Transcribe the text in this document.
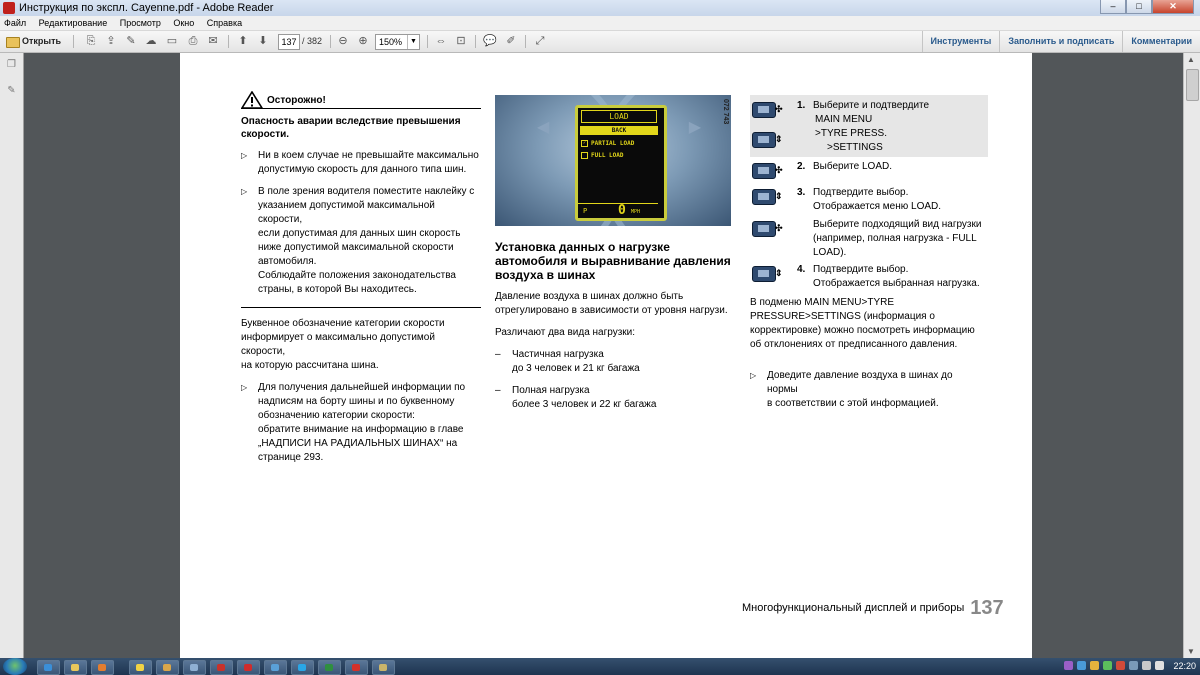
Инструкция по экспл. Cayenne.pdf - Adobe Reader	–	□	✕
Файл Редактирование Просмотр Окно Справка
Открыть ⎘ ⇪ ✎ ☁ ▭ ⎙ ✉ ⬆ ⬇	137 / 382 ⊖ ⊕	150%	▼ ⇔ ⊡ 💬 ✐ ⤢	Инструменты	Заполнить и подписать	Комментарии
❐
✎
▲
▼
Осторожно!
Опасность аварии вследствие превышения скорости.
▷ Ни в коем случае не превышайте максимально
допустимую скорость для данного типа шин.
▷ В поле зрения водителя поместите наклейку с
указанием допустимой максимальной скорости,
если допустимая для данных шин скорость
ниже допустимой максимальной скорости
автомобиля.
Соблюдайте положения законодательства
страны, в которой Вы находитесь.
Буквенное обозначение категории скорости
информирует о максимально допустимой скорости,
на которую рассчитана шина.
▷ Для получения дальнейшей информации по
надписям на борту шины и по буквенному
обозначению категории скорости:
обратите внимание на информацию в главе
„НАДПИСИ НА РАДИАЛЬНЫХ ШИНАХ“ на
странице 293.
◀	▶
072 743
LOAD
BACK
✓ PARTIAL LOAD
FULL LOAD
P 0 MPH
Установка данных о нагрузке
автомобиля и выравнивание давления
воздуха в шинах
Давление воздуха в шинах должно быть
отрегулировано в зависимости от уровня нагрузи.
Различают два вида нагрузки:
– Частичная нагрузка
до 3 человек и 21 кг багажа
– Полная нагрузка
более 3 человек и 22 кг багажа
✣
⇕
1. Выберите и подтвердите
MAIN MENU
>TYRE PRESS.
>SETTINGS
✣ 2. Выберите LOAD.
⇕ 3. Подтвердите выбор.
Отображается меню LOAD.
✣	Выберите подходящий вид нагрузки
(например, полная нагрузка - FULL
LOAD).
⇕ 4. Подтвердите выбор.
Отображается выбранная нагрузка.
В подменю MAIN MENU>TYRE
PRESSURE>SETTINGS (информация о
корректировке) можно посмотреть информацию
об отклонениях от предписанного давления.
▷ Доведите давление воздуха в шинах до нормы
в соответствии с этой информацией.
Многофункциональный дисплей и приборы 137
22:20
